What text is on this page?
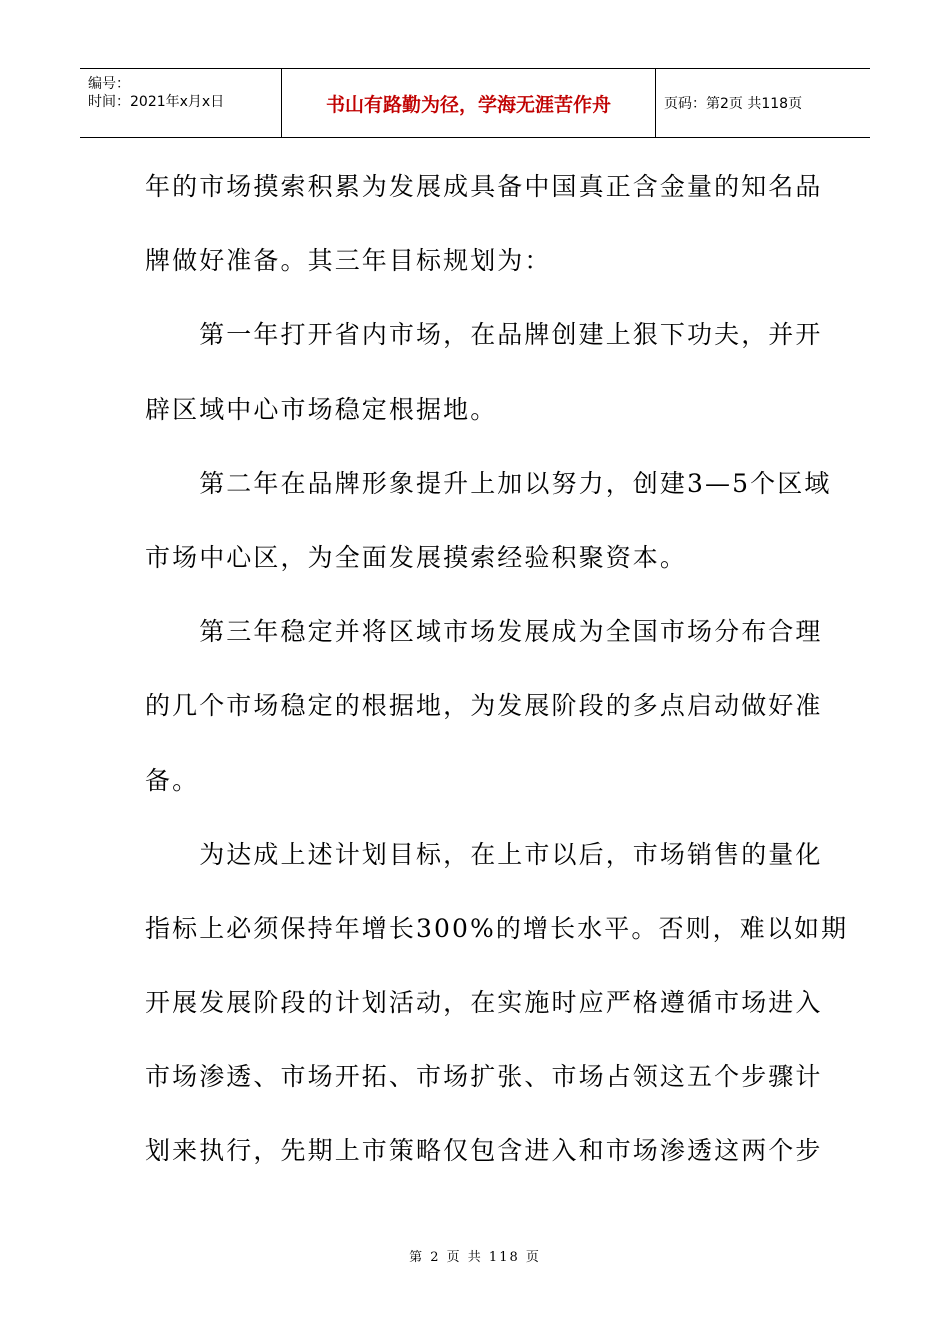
编号：
时间：2021年x月x日	书山有路勤为径，学海无涯苦作舟	页码：第2页 共118页
年的市场摸索积累为发展成具备中国真正含金量的知名品
牌做好准备。其三年目标规划为：
　　第一年打开省内市场，在品牌创建上狠下功夫，并开
辟区域中心市场稳定根据地。
　　第二年在品牌形象提升上加以努力，创建3—5个区域
市场中心区，为全面发展摸索经验积聚资本。
　　第三年稳定并将区域市场发展成为全国市场分布合理
的几个市场稳定的根据地，为发展阶段的多点启动做好准
备。
　　为达成上述计划目标，在上市以后，市场销售的量化
指标上必须保持年增长300%的增长水平。否则，难以如期
开展发展阶段的计划活动，在实施时应严格遵循市场进入
市场渗透、市场开拓、市场扩张、市场占领这五个步骤计
划来执行，先期上市策略仅包含进入和市场渗透这两个步
第 2 页 共 118 页
